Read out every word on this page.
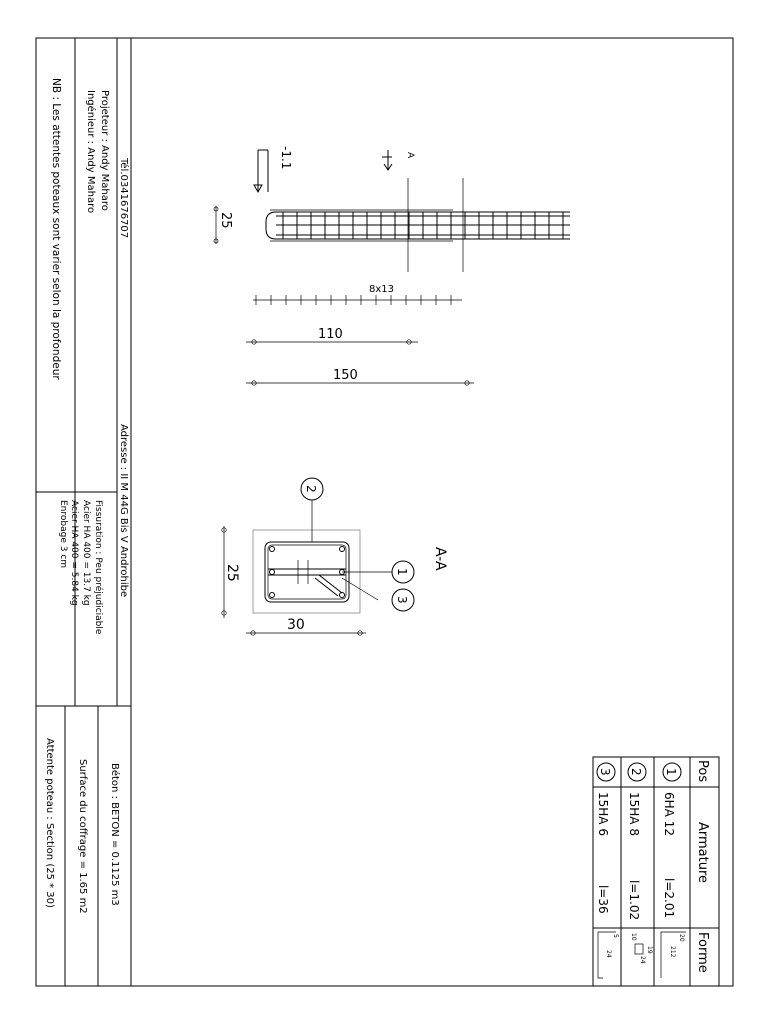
Tél.0341676707
Adresse : II M 44G Bis V Androhibe
Projeteur : Andy Maharo
Ingénieur : Andy Maharo
NB : Les attentes poteaux sont varier selon la profondeur
Fissuration : Peu préjudiciable
Acier HA 400 = 13.7 kg
Acier HA 400 = 5.84 kg
Enrobage 3 cm
Béton : BETON = 0.1125 m3
Surface du coffrage = 1.65 m2
Attente poteau : Section (25 * 30)
-1.1	A
25
8x13
110
150
A-A
2
1
3
25
30
Pos
Armature
Forme
1
6HA 12
l=2.01
212
20
2
15HA 8
l=1.02
19
24
10
3
15HA 6
l=36
24
5
